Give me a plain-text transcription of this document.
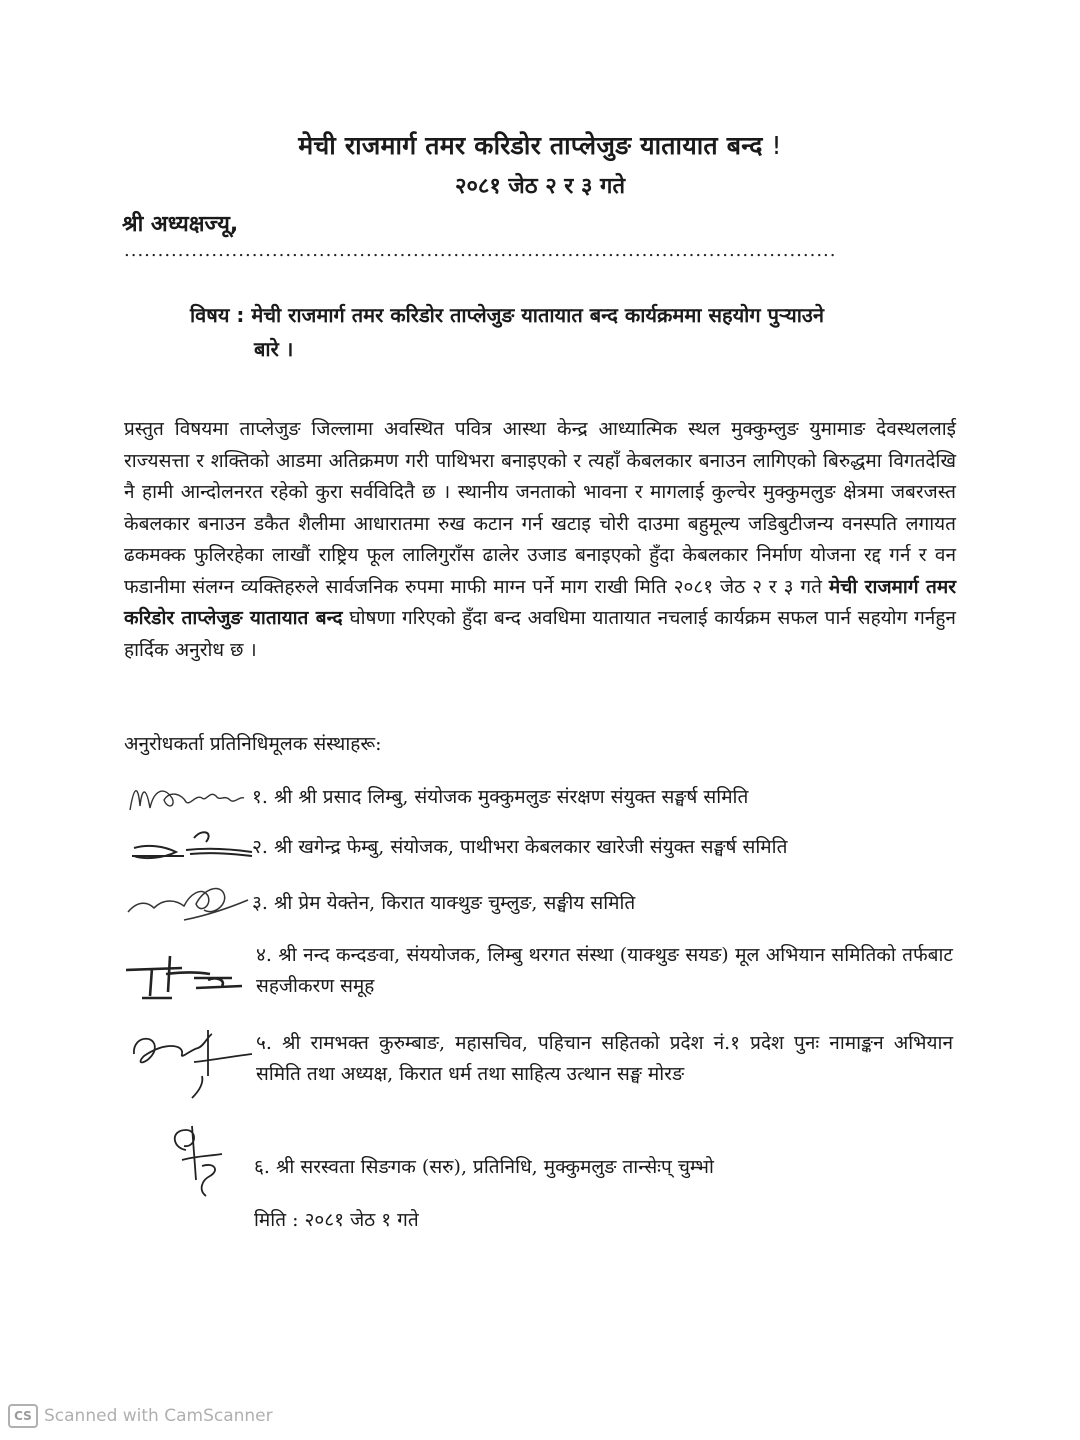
मेची राजमार्ग तमर करिडोर ताप्लेजुङ यातायात बन्द !
२०८१ जेठ २ र ३ गते
श्री अध्यक्षज्यू,
..........................................................................................................
विषय : मेची राजमार्ग तमर करिडोर ताप्लेजुङ यातायात बन्द कार्यक्रममा सहयोग पुऱ्याउने
बारे ।
प्रस्तुत विषयमा ताप्लेजुङ जिल्लामा अवस्थित पवित्र आस्था केन्द्र आध्यात्मिक स्थल मुक्कुम्लुङ युमामाङ देवस्थललाई राज्यसत्ता र शक्तिको आडमा अतिक्रमण गरी पाथिभरा बनाइएको र त्यहाँ केबलकार बनाउन लागिएको बिरुद्धमा विगतदेखि नै हामी आन्दोलनरत रहेको कुरा सर्वविदितै छ । स्थानीय जनताको भावना र मागलाई कुल्चेर मुक्कुमलुङ क्षेत्रमा जबरजस्त केबलकार बनाउन डकैत शैलीमा आधारातमा रुख कटान गर्न खटाइ चोरी दाउमा बहुमूल्य जडिबुटीजन्य वनस्पति लगायत ढकमक्क फुलिरहेका लाखौं राष्ट्रिय फूल लालिगुराँस ढालेर उजाड बनाइएको हुँदा केबलकार निर्माण योजना रद्द गर्न र वन फडानीमा संलग्न व्यक्तिहरुले सार्वजनिक रुपमा माफी माग्न पर्ने माग राखी मिति २०८१ जेठ २ र ३ गते मेची राजमार्ग तमर करिडोर ताप्लेजुङ यातायात बन्द घोषणा गरिएको हुँदा बन्द अवधिमा यातायात नचलाई कार्यक्रम सफल पार्न सहयोग गर्नहुन हार्दिक अनुरोध छ ।
अनुरोधकर्ता प्रतिनिधिमूलक संस्थाहरू:
१. श्री श्री प्रसाद लिम्बु, संयोजक मुक्कुमलुङ संरक्षण संयुक्त सङ्घर्ष समिति
२. श्री खगेन्द्र फेम्बु, संयोजक, पाथीभरा केबलकार खारेजी संयुक्त सङ्घर्ष समिति
३. श्री प्रेम येक्तेन, किरात याक्थुङ चुम्लुङ, सङ्घीय समिति
४. श्री नन्द कन्दङवा, संययोजक, लिम्बु थरगत संस्था (याक्थुङ सयङ) मूल अभियान समितिको तर्फबाट सहजीकरण समूह
५. श्री रामभक्त कुरुम्बाङ, महासचिव, पहिचान सहितको प्रदेश नं.१ प्रदेश पुनः नामाङ्कन अभियान समिति तथा अध्यक्ष, किरात धर्म तथा साहित्य उत्थान सङ्घ मोरङ
६. श्री सरस्वता सिङगक (सरु), प्रतिनिधि, मुक्कुमलुङ तान्सेःप् चुम्भो
मिति : २०८१ जेठ १ गते
CS Scanned with CamScanner
